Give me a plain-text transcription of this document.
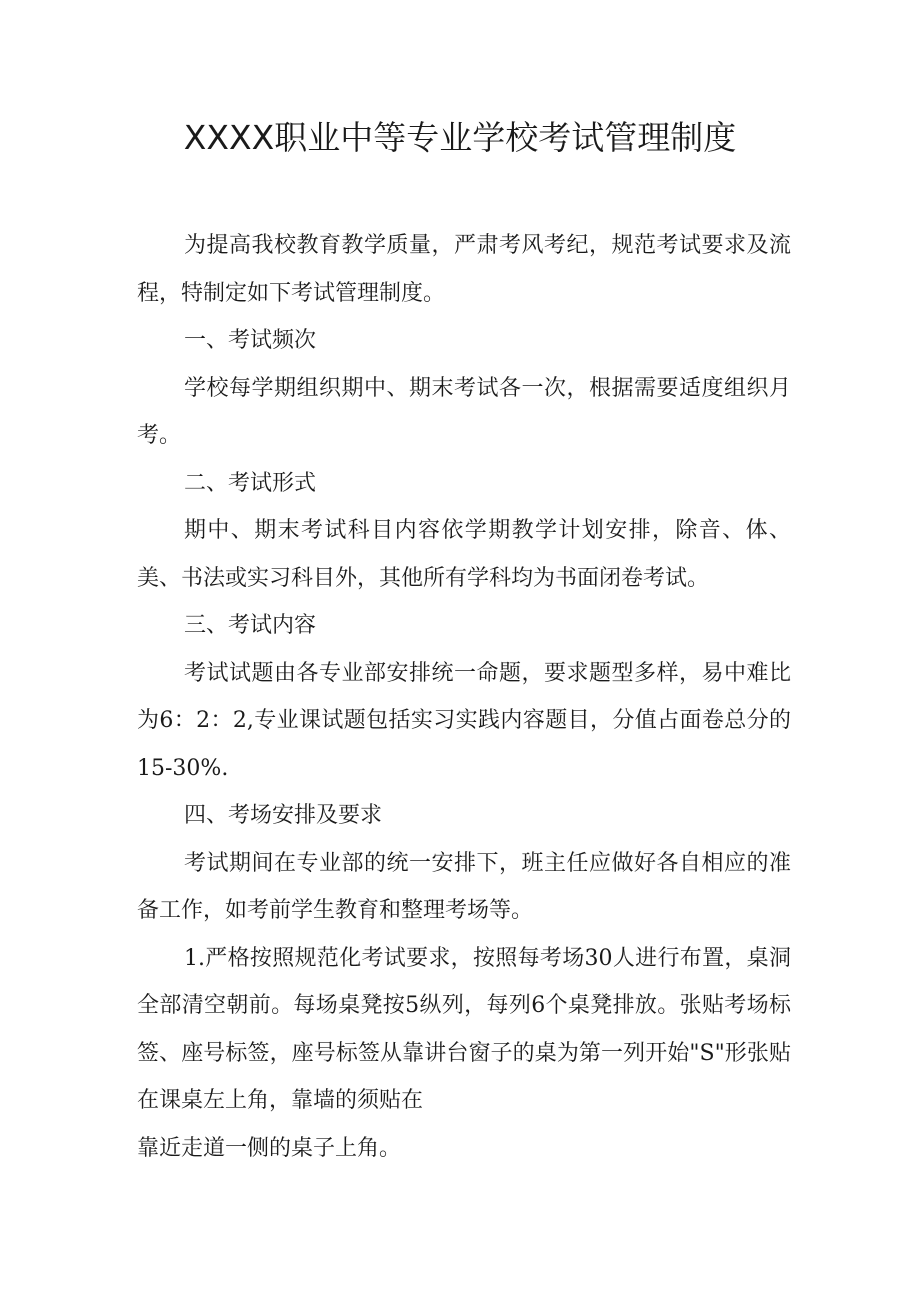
XXXX职业中等专业学校考试管理制度

为提高我校教育教学质量，严肃考风考纪，规范考试要求及流程，特制定如下考试管理制度。

一、考试频次

学校每学期组织期中、期末考试各一次，根据需要适度组织月考。

二、考试形式

期中、期末考试科目内容依学期教学计划安排，除音、体、美、书法或实习科目外，其他所有学科均为书面闭卷考试。

三、考试内容

考试试题由各专业部安排统一命题，要求题型多样，易中难比为6：2：2,专业课试题包括实习实践内容题目，分值占面卷总分的15-30%.

四、考场安排及要求

考试期间在专业部的统一安排下，班主任应做好各自相应的准备工作，如考前学生教育和整理考场等。

1.严格按照规范化考试要求，按照每考场30人进行布置，桌洞全部清空朝前。每场桌凳按5纵列，每列6个桌凳排放。张贴考场标签、座号标签，座号标签从靠讲台窗子的桌为第一列开始"S"形张贴在课桌左上角，靠墙的须贴在

靠近走道一侧的桌子上角。
